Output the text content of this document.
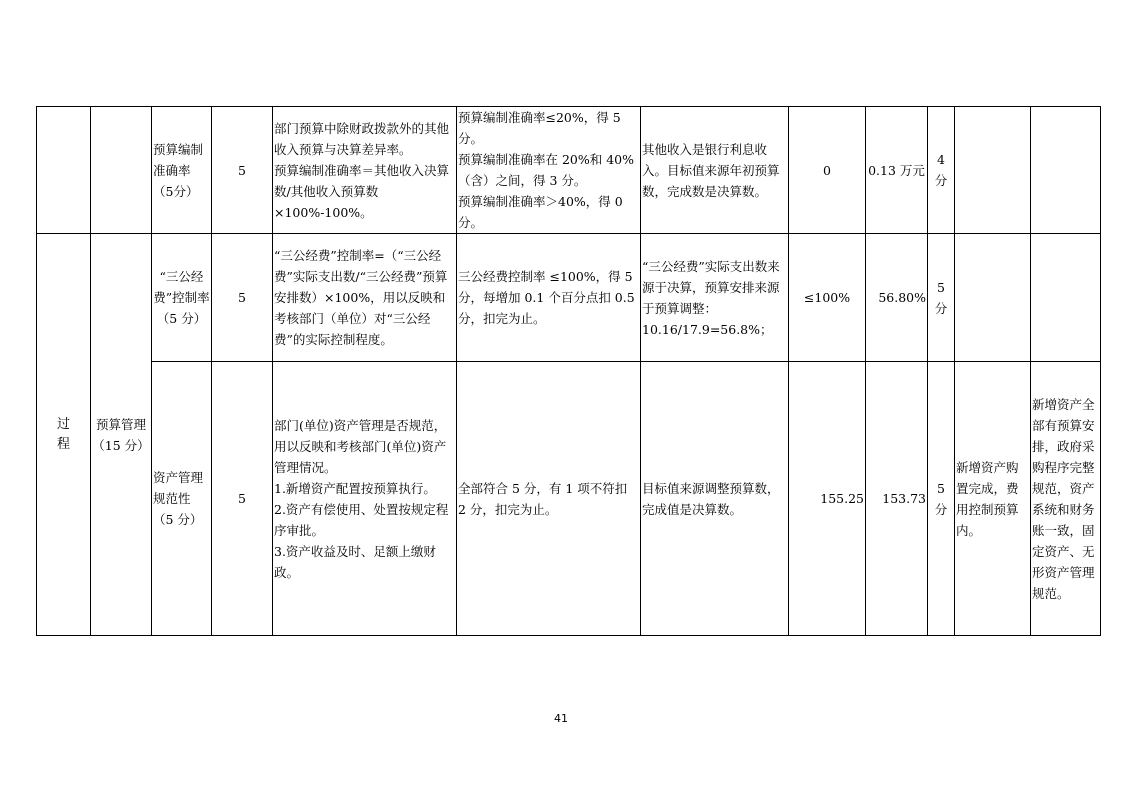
		预算编制准确率（5分）	5	部门预算中除财政拨款外的其他收入预算与决算差异率。
预算编制准确率＝其他收入决算数/其他收入预算数×100%-100%。	预算编制准确率≤20%，得 5 分。
预算编制准确率在 20%和 40%（含）之间，得 3 分。
预算编制准确率＞40%，得 0 分。	其他收入是银行利息收入。目标值来源年初预算数，完成数是决算数。	0	0.13 万元	4 分		
过程	预算管理（15 分）	“三公经费”控制率（5 分）	5	“三公经费”控制率=（“三公经费”实际支出数/“三公经费”预算安排数）×100%，用以反映和考核部门（单位）对“三公经费”的实际控制程度。	三公经费控制率 ≤100%，得 5 分，每增加 0.1 个百分点扣 0.5 分，扣完为止。	“三公经费”实际支出数来源于决算，预算安排来源于预算调整：
10.16/17.9=56.8%；	≤100%	56.80%	5 分		
		资产管理规范性（5 分）	5	部门(单位)资产管理是否规范，用以反映和考核部门(单位)资产管理情况。
1.新增资产配置按预算执行。
2.资产有偿使用、处置按规定程序审批。
3.资产收益及时、足额上缴财政。	全部符合 5 分，有 1 项不符扣 2 分，扣完为止。	目标值来源调整预算数，完成值是决算数。	155.25	153.73	5 分	新增资产购置完成，费用控制预算内。	新增资产全部有预算安排，政府采购程序完整规范，资产系统和财务账一致，固定资产、无形资产管理规范。
41
